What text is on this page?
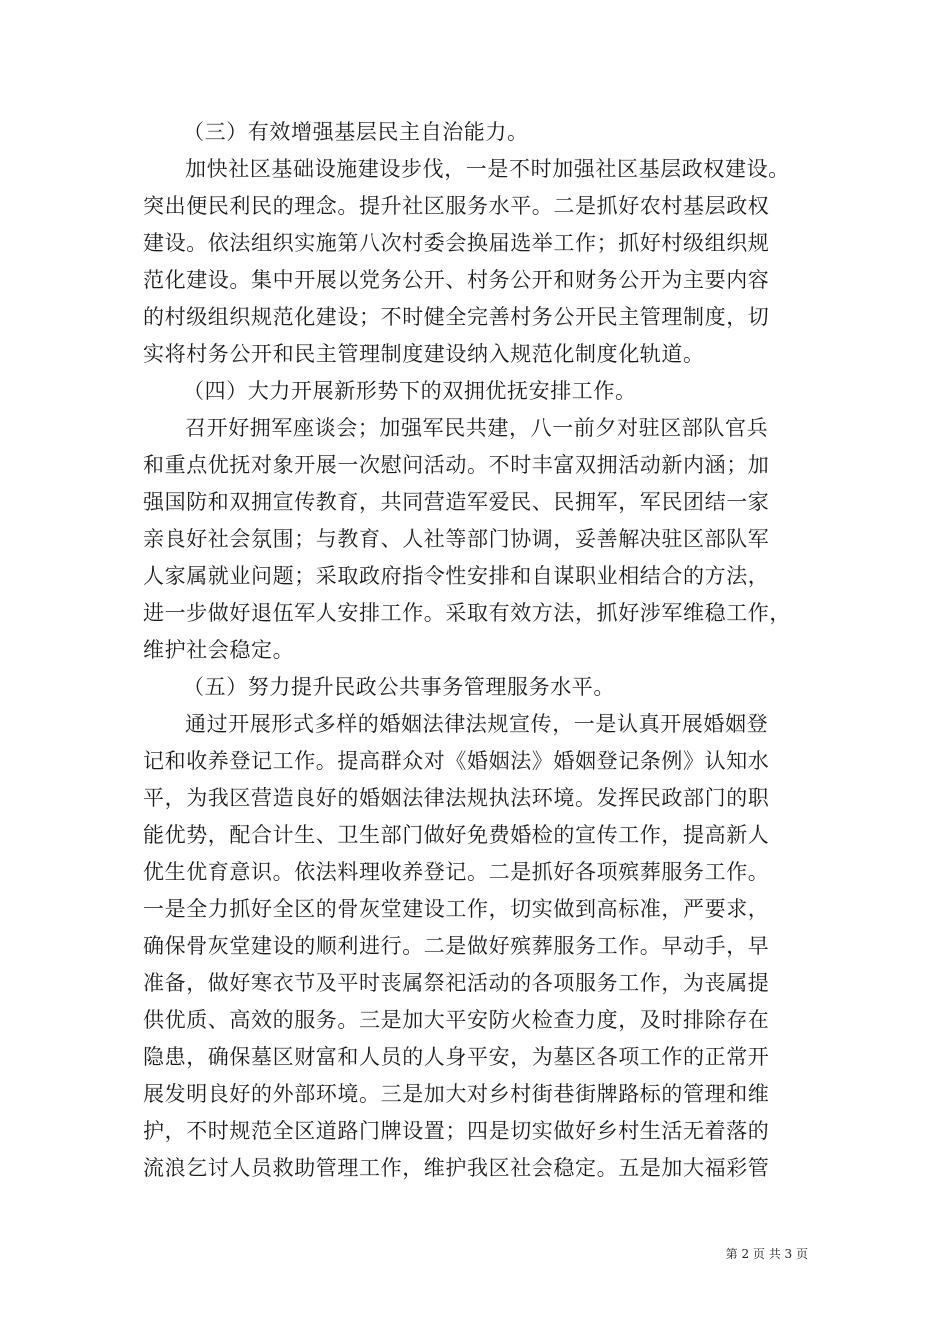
（三）有效增强基层民主自治能力。
加快社区基础设施建设步伐，一是不时加强社区基层政权建设。
突出便民利民的理念。提升社区服务水平。二是抓好农村基层政权
建设。依法组织实施第八次村委会换届选举工作；抓好村级组织规
范化建设。集中开展以党务公开、村务公开和财务公开为主要内容
的村级组织规范化建设；不时健全完善村务公开民主管理制度，切
实将村务公开和民主管理制度建设纳入规范化制度化轨道。
（四）大力开展新形势下的双拥优抚安排工作。
召开好拥军座谈会；加强军民共建，八一前夕对驻区部队官兵
和重点优抚对象开展一次慰问活动。不时丰富双拥活动新内涵；加
强国防和双拥宣传教育，共同营造军爱民、民拥军，军民团结一家
亲良好社会氛围；与教育、人社等部门协调，妥善解决驻区部队军
人家属就业问题；采取政府指令性安排和自谋职业相结合的方法，
进一步做好退伍军人安排工作。采取有效方法，抓好涉军维稳工作，
维护社会稳定。
（五）努力提升民政公共事务管理服务水平。
通过开展形式多样的婚姻法律法规宣传，一是认真开展婚姻登
记和收养登记工作。提高群众对《婚姻法》婚姻登记条例》认知水
平，为我区营造良好的婚姻法律法规执法环境。发挥民政部门的职
能优势，配合计生、卫生部门做好免费婚检的宣传工作，提高新人
优生优育意识。依法料理收养登记。二是抓好各项殡葬服务工作。
一是全力抓好全区的骨灰堂建设工作，切实做到高标准，严要求，
确保骨灰堂建设的顺利进行。二是做好殡葬服务工作。早动手，早
准备，做好寒衣节及平时丧属祭祀活动的各项服务工作，为丧属提
供优质、高效的服务。三是加大平安防火检查力度，及时排除存在
隐患，确保墓区财富和人员的人身平安，为墓区各项工作的正常开
展发明良好的外部环境。三是加大对乡村街巷街牌路标的管理和维
护，不时规范全区道路门牌设置；四是切实做好乡村生活无着落的
流浪乞讨人员救助管理工作，维护我区社会稳定。五是加大福彩管
第 2 页 共 3 页
